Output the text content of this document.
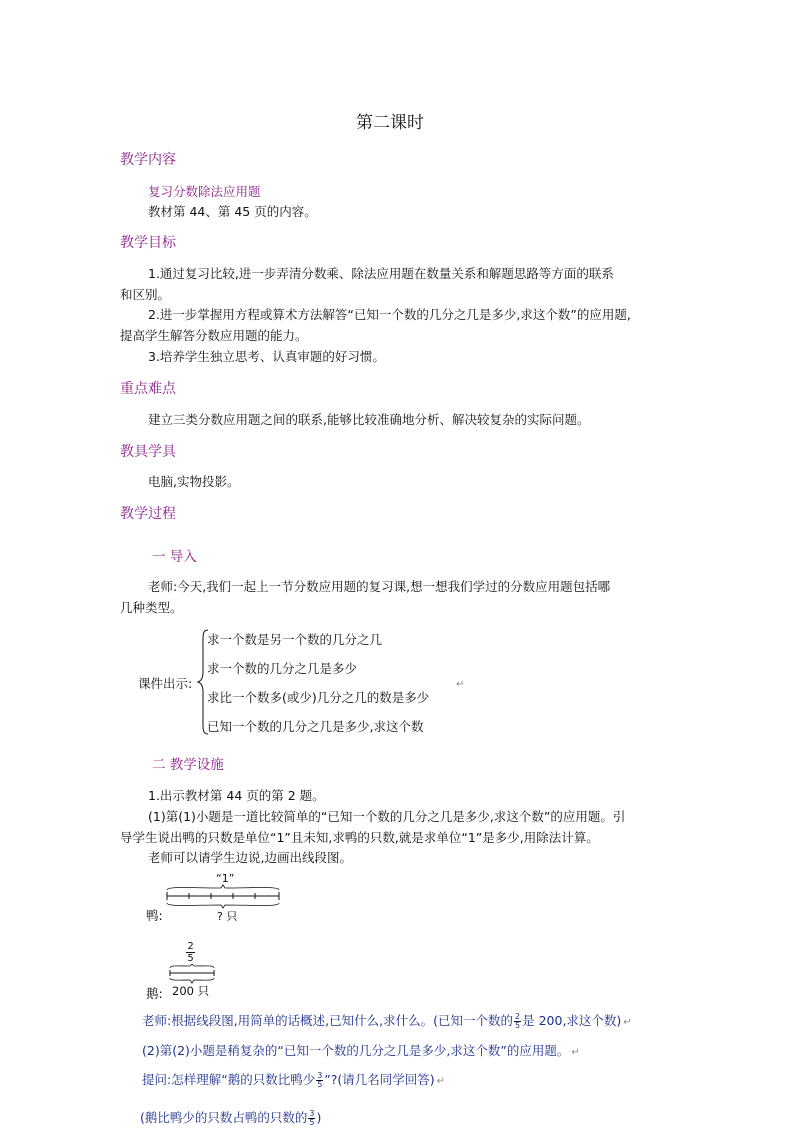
第二课时
教学内容
复习分数除法应用题
教材第 44、第 45 页的内容。
教学目标
1.通过复习比较,进一步弄清分数乘、除法应用题在数量关系和解题思路等方面的联系
和区别。
2.进一步掌握用方程或算术方法解答“已知一个数的几分之几是多少,求这个数”的应用题,
提高学生解答分数应用题的能力。
3.培养学生独立思考、认真审题的好习惯。
重点难点
建立三类分数应用题之间的联系,能够比较准确地分析、解决较复杂的实际问题。
教具学具
电脑,实物投影。
教学过程
一 导入
老师:今天,我们一起上一节分数应用题的复习课,想一想我们学过的分数应用题包括哪
几种类型。
课件出示:
求一个数是另一个数的几分之几
求一个数的几分之几是多少
求比一个数多(或少)几分之几的数是多少
↵
已知一个数的几分之几是多少,求这个数
二 教学设施
1.出示教材第 44 页的第 2 题。
(1)第(1)小题是一道比较简单的“已知一个数的几分之几是多少,求这个数”的应用题。引
导学生说出鸭的只数是单位“1”且未知,求鸭的只数,就是求单位“1”是多少,用除法计算。
老师可以请学生边说,边画出线段图。
“1”
鸭:	? 只
$\frac{2}{5}$
鹅: 200 只
老师:根据线段图,用简单的话概述,已知什么,求什么。(已知一个数的 $\frac{2}{5}$ 是 200,求这个数) ↵
(2)第(2)小题是稍复杂的“已知一个数的几分之几是多少,求这个数”的应用题。 ↵
提问:怎样理解“鹅的只数比鸭少 $\frac{3}{5}$ ”?(请几名同学回答) ↵
(鹅比鸭少的只数占鸭的只数的 $\frac{3}{5}$ )
